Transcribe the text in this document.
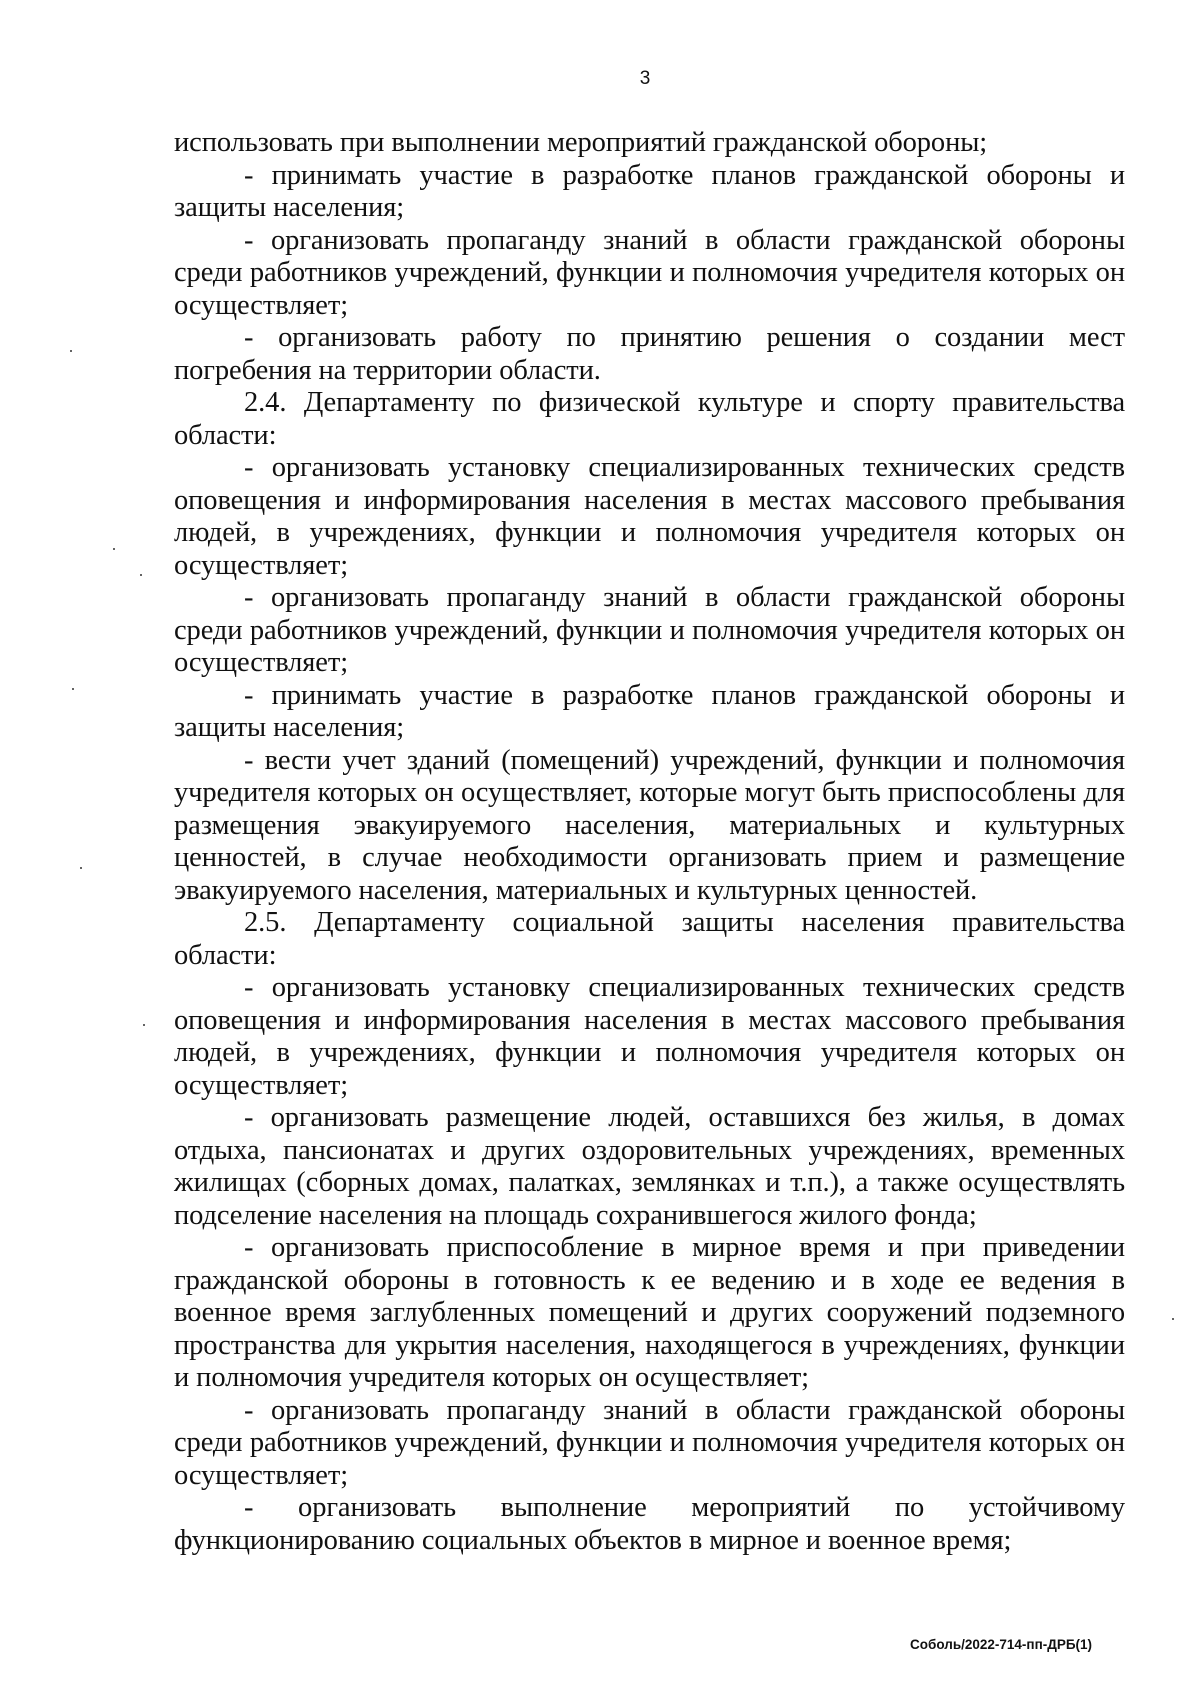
3

использовать при выполнении мероприятий гражданской обороны;

- принимать участие в разработке планов гражданской обороны и защиты населения;

- организовать пропаганду знаний в области гражданской обороны среди работников учреждений, функции и полномочия учредителя которых он осуществляет;

- организовать работу по принятию решения о создании мест погребения на территории области.

2.4. Департаменту по физической культуре и спорту правительства области:

- организовать установку специализированных технических средств оповещения и информирования населения в местах массового пребывания людей, в учреждениях, функции и полномочия учредителя которых он осуществляет;

- организовать пропаганду знаний в области гражданской обороны среди работников учреждений, функции и полномочия учредителя которых он осуществляет;

- принимать участие в разработке планов гражданской обороны и защиты населения;

- вести учет зданий (помещений) учреждений, функции и полномочия учредителя которых он осуществляет, которые могут быть приспособлены для размещения эвакуируемого населения, материальных и культурных ценностей, в случае необходимости организовать прием и размещение эвакуируемого населения, материальных и культурных ценностей.

2.5. Департаменту социальной защиты населения правительства области:

- организовать установку специализированных технических средств оповещения и информирования населения в местах массового пребывания людей, в учреждениях, функции и полномочия учредителя которых он осуществляет;

- организовать размещение людей, оставшихся без жилья, в домах отдыха, пансионатах и других оздоровительных учреждениях, временных жилищах (сборных домах, палатках, землянках и т.п.), а также осуществлять подселение населения на площадь сохранившегося жилого фонда;

- организовать приспособление в мирное время и при приведении гражданской обороны в готовность к ее ведению и в ходе ее ведения в военное время заглубленных помещений и других сооружений подземного пространства для укрытия населения, находящегося в учреждениях, функции и полномочия учредителя которых он осуществляет;

- организовать пропаганду знаний в области гражданской обороны среди работников учреждений, функции и полномочия учредителя которых он осуществляет;

- организовать выполнение мероприятий по устойчивому функционированию социальных объектов в мирное и военное время;

Соболь/2022-714-пп-ДРБ(1)
